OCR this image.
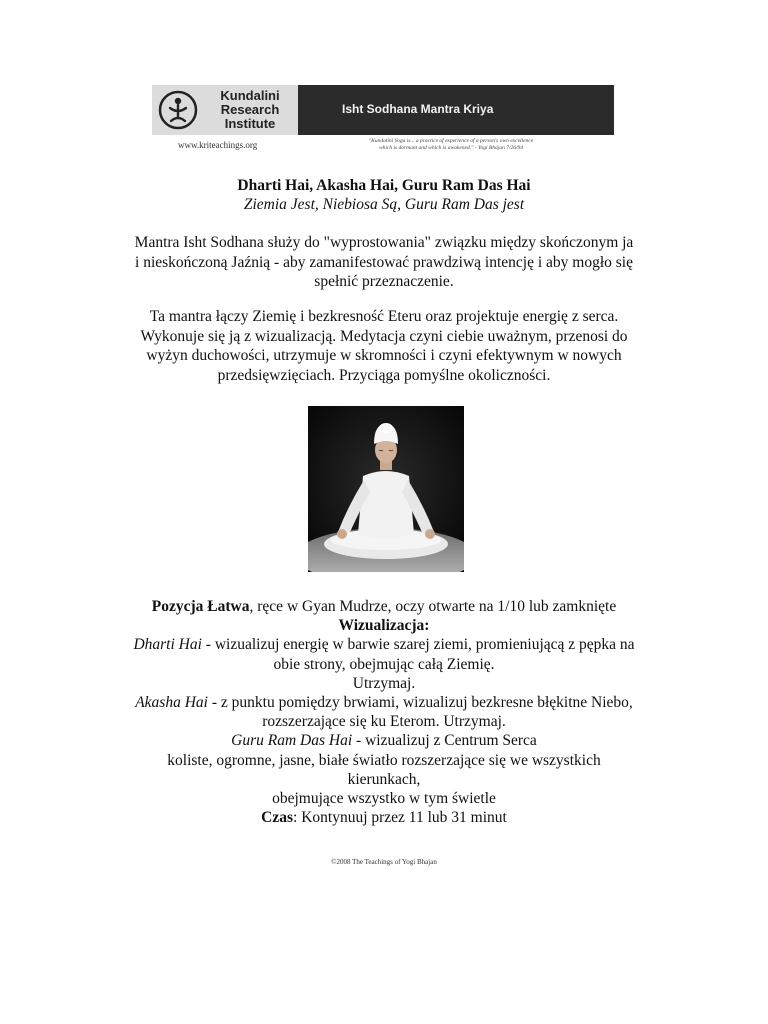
Kundalini
Research
Institute
Isht Sodhana Mantra Kriya
www.kriteachings.org	"Kundalini Yoga is... a practice of experience of a person's own excellence
which is dormant and which is awakened." - Yogi Bhajan 7/26/94
Dharti Hai, Akasha Hai, Guru Ram Das Hai
Ziemia Jest, Niebiosa Są, Guru Ram Das jest
Mantra Isht Sodhana służy do "wyprostowania" związku między skończonym ja
i nieskończoną Jaźnią - aby zamanifestować prawdziwą intencję i aby mogło się
spełnić przeznaczenie.
Ta mantra łączy Ziemię i bezkresność Eteru oraz projektuje energię z serca.
Wykonuje się ją z wizualizacją. Medytacja czyni ciebie uważnym, przenosi do
wyżyn duchowości, utrzymuje w skromności i czyni efektywnym w nowych
przedsięwzięciach. Przyciąga pomyślne okoliczności.
Pozycja Łatwa, ręce w Gyan Mudrze, oczy otwarte na 1/10 lub zamknięte
Wizualizacja:
Dharti Hai - wizualizuj energię w barwie szarej ziemi, promieniującą z pępka na
obie strony, obejmując całą Ziemię.
Utrzymaj.
Akasha Hai - z punktu pomiędzy brwiami, wizualizuj bezkresne błękitne Niebo,
rozszerzające się ku Eterom. Utrzymaj.
Guru Ram Das Hai - wizualizuj z Centrum Serca
koliste, ogromne, jasne, białe światło rozszerzające się we wszystkich
kierunkach,
obejmujące wszystko w tym świetle
Czas: Kontynuuj przez 11 lub 31 minut
©2008 The Teachings of Yogi Bhajan
